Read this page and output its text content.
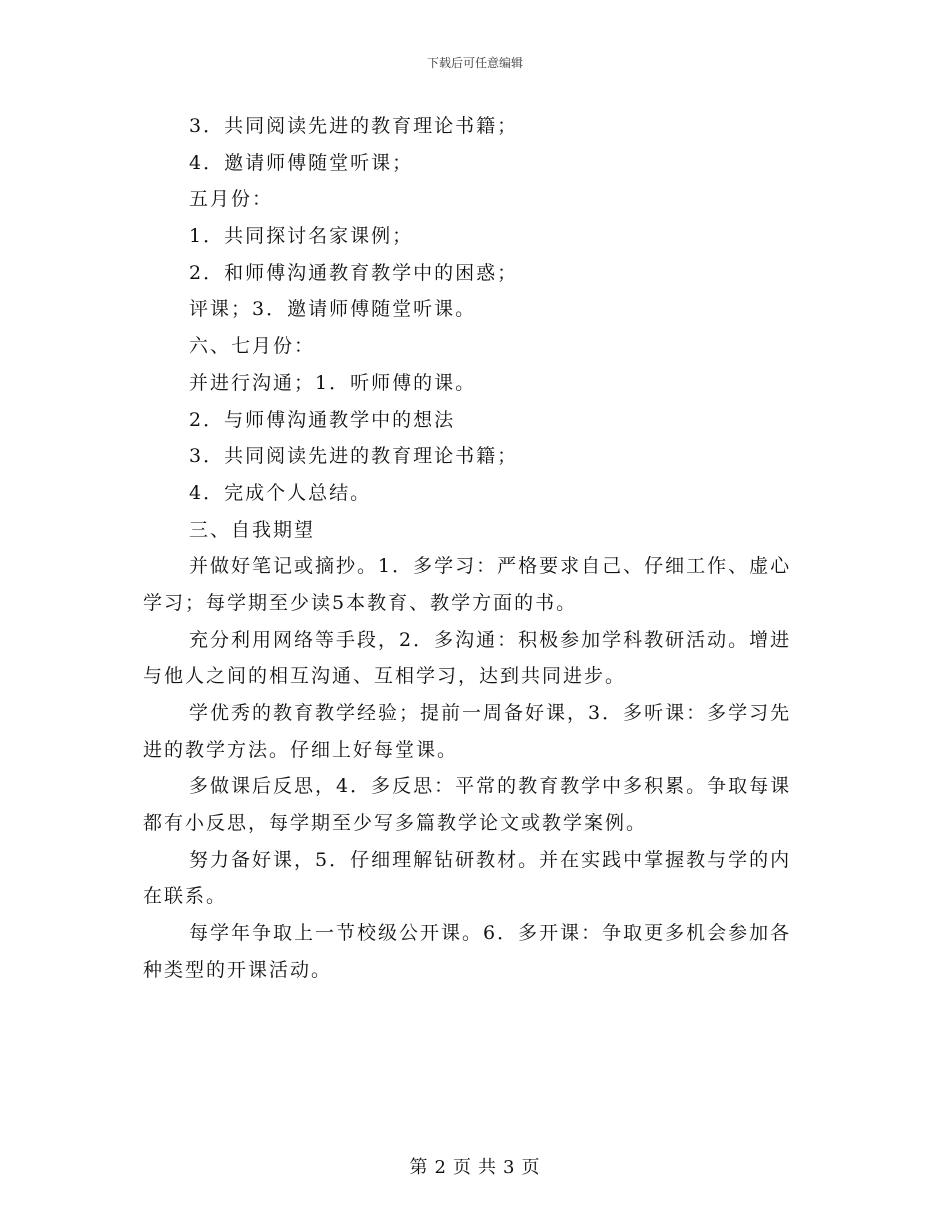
下载后可任意编辑
3．共同阅读先进的教育理论书籍；
4．邀请师傅随堂听课；
五月份：
1．共同探讨名家课例；
2．和师傅沟通教育教学中的困惑；
评课；3．邀请师傅随堂听课。
六、七月份：
并进行沟通；1．听师傅的课。
2．与师傅沟通教学中的想法
3．共同阅读先进的教育理论书籍；
4．完成个人总结。
三、自我期望
并做好笔记或摘抄。1．多学习：严格要求自己、仔细工作、虚心
学习；每学期至少读5本教育、教学方面的书。
充分利用网络等手段，2．多沟通：积极参加学科教研活动。增进
与他人之间的相互沟通、互相学习，达到共同进步。
学优秀的教育教学经验；提前一周备好课，3．多听课：多学习先
进的教学方法。仔细上好每堂课。
多做课后反思，4．多反思：平常的教育教学中多积累。争取每课
都有小反思，每学期至少写多篇教学论文或教学案例。
努力备好课，5．仔细理解钻研教材。并在实践中掌握教与学的内
在联系。
每学年争取上一节校级公开课。6．多开课：争取更多机会参加各
种类型的开课活动。
第 2 页 共 3 页
